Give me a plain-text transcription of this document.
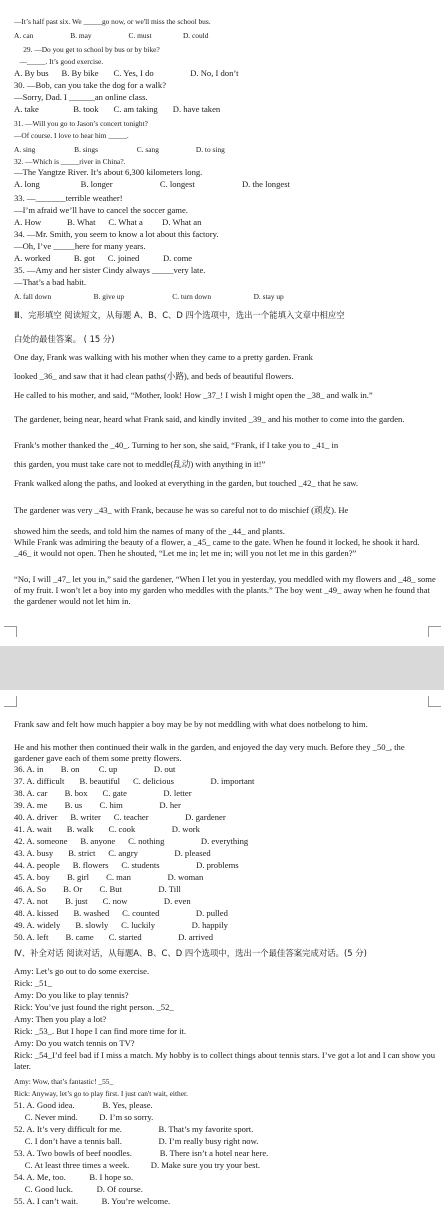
—It’s half past six. We _____go now, or we'll miss the school bus.
A. can                    B. may                    C. must                 D. could
29. —Do you get to school by bus or by bike?
—_____. It’s good exercise.
A. By bus      B. By bike       C. Yes, I do                 D. No, I don’t
30. —Bob, can you take the dog for a walk?
—Sorry, Dad. I ______an online class.
A. take                B. took       C. am taking       D. have taken
31. —Will you go to Jason’s concert tonight?
—Of course. I love to hear him _____.
A. sing                     B. sings                     C. sang                    D. to sing
32. —Which is _____river in China?.
—The Yangtze River. It’s about 6,300 kilometers long.
A. long                   B. longer                      C. longest                      D. the longest
33. —_______terrible weather!
—I’m afraid we’ll have to cancel the soccer game.
A. How            B. What      C. What a         D. What an
34. —Mr. Smith, you seem to know a lot about this factory.
—Oh, I’ve _____here for many years.
A. worked           B. got      C. joined           D. come
35. —Amy and her sister Cindy always _____very late.
—That’s a bad habit.
A. fall down                       B. give up                          C. turn down                       D. stay up
Ⅲ、完形填空 阅读短文，从每题 A、B、C、D 四个选项中，选出一个能填入文章中相应空
白处的最佳答案。 ( 15 分)
One day, Frank was walking with his mother when they came to a pretty garden. Frank
looked _36_ and saw that it had clean paths(小路), and beds of beautiful flowers.
He called to his mother, and said, “Mother, look! How _37_! I wish I might open the _38_ and walk in.”
The gardener, being near, heard what Frank said, and kindly invited _39_ and his mother to come into the garden.
Frank’s mother thanked the _40_. Turning to her son, she said, “Frank, if I take you to _41_ in
this garden, you must take care not to meddle(乱动) with anything in it!”
Frank walked along the paths, and looked at everything in the garden, but touched _42_ that he saw.
The gardener was very _43_ with Frank, because he was so careful not to do mischief (顽皮). He
showed him the seeds, and told him the names of many of the _44_ and plants.
While Frank was admiring the beauty of a flower, a _45_ came to the gate. When he found it locked, he shook it hard. _46_ it would not open. Then he shouted, “Let me in; let me in; will you not let me in this garden?”
“No, I will _47_ let you in,” said the gardener, “When I let you in yesterday, you meddled with my flowers and _48_ some of my fruit. I won’t let a boy into my garden who meddles with the plants.” The boy went _49_ away when he found that the gardener would not let him in.
Frank saw and felt how much happier a boy may be by not meddling with what does notbelong to him.
He and his mother then continued their walk in the garden, and enjoyed the day very much. Before they _50_, the gardener gave each of them some pretty flowers.
36. A. in        B. on         C. up                 D. out
37. A. difficult       B. beautiful      C. delicious                 D. important
38. A. car        B. box       C. gate                 D. letter
39. A. me        B. us        C. him                 D. her
40. A. driver      B. writer      C. teacher                 D. gardener
41. A. wait       B. walk       C. cook                 D. work
42. A. someone      B. anyone      C. nothing                 D. everything
43. A. busy       B. strict      C. angry                 D. pleased
44. A. people      B. flowers      C. students                 D. problems
45. A. boy        B. girl        C. man                 D. woman
46. A. So        B. Or        C. But                 D. Till
47. A. not        B. just       C. now                 D. even
48. A. kissed       B. washed      C. counted                 D. pulled
49. A. widely       B. slowly      C. luckily                 D. happily
50. A. left        B. came       C. started                 D. arrived
Ⅳ、补全对话 阅读对话，从每题A、B、C、D 四个选项中，选出一个最佳答案完成对话。(5 分)
Amy: Let’s go out to do some exercise.
Rick: _51_
Amy: Do you like to play tennis?
Rick: You’ve just found the right person. _52_
Amy: Then you play a lot?
Rick: _53_. But I hope I can find more time for it.
Amy: Do you watch tennis on TV?
Rick: _54_I’d feel bad if I miss a match. My hobby is to collect things about tennis stars. I’ve got a lot and I can show you later.
Amy: Wow, that’s fantastic! _55_
Rick: Anyway, let’s go to play first. I just can't wait, either.
51. A. Good idea.             B. Yes, please.
C. Never mind.          D. I’m so sorry.
52. A. It’s very difficult for me.                 B. That’s my favorite sport.
C. I don’t have a tennis ball.                 D. I’m really busy right now.
53. A. Two bowls of beef noodles.             B. There isn’t a hotel near here.
C. At least three times a week.          D. Make sure you try your best.
54. A. Me, too.           B. I hope so.
C. Good luck.           D. Of course.
55. A. I can’t wait.           B. You’re welcome.
